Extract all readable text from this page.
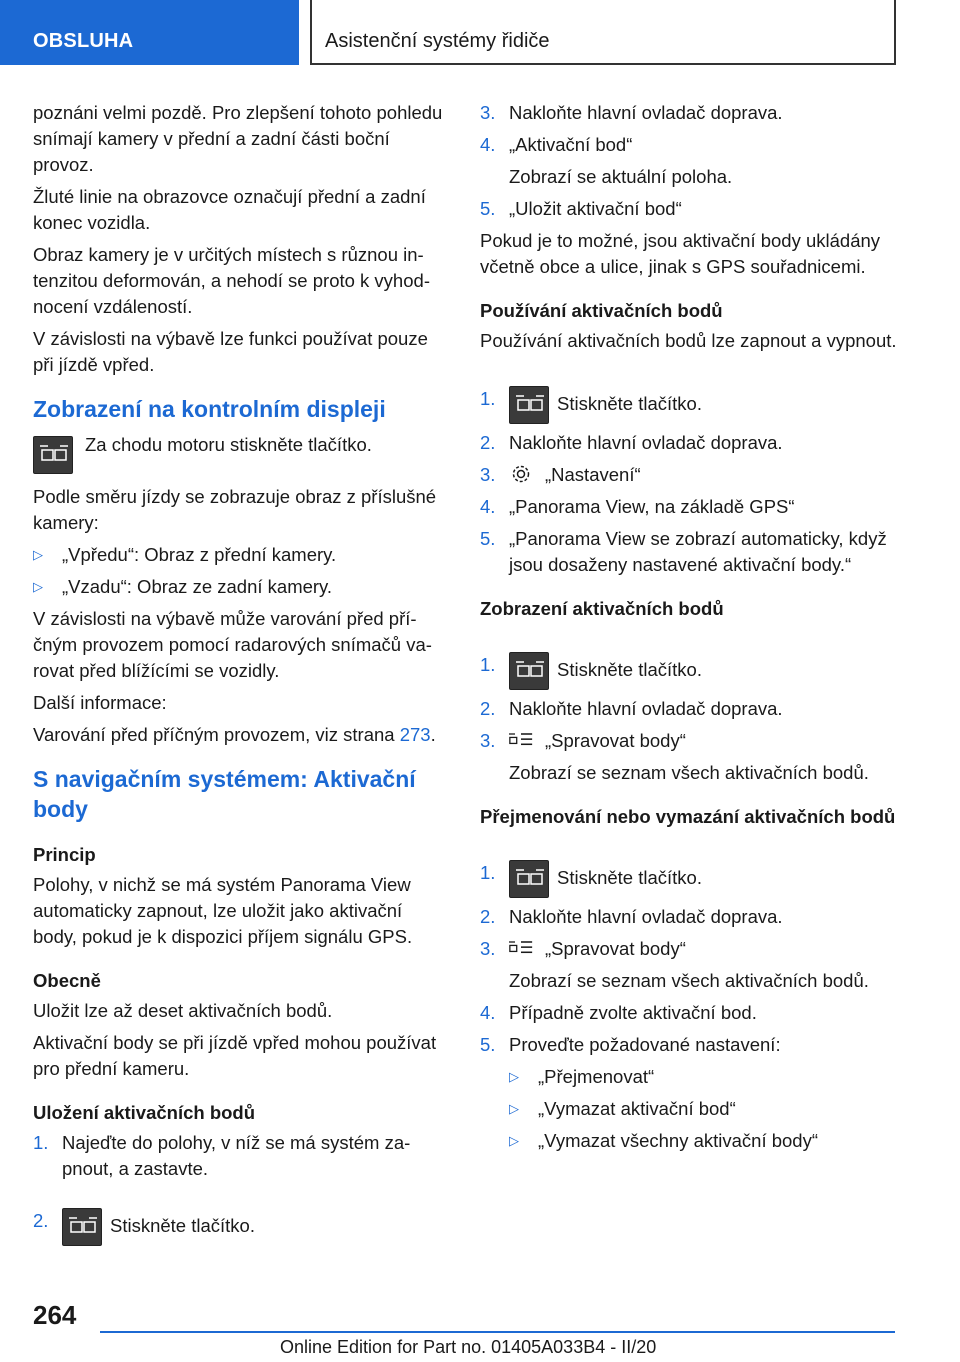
OBSLUHA	Asistenční systémy řidiče

poznáni velmi pozdě. Pro zlepšení tohoto pohledu snímají kamery v přední a zadní části boční provoz.

Žluté linie na obrazovce označují přední a zadní konec vozidla.

Obraz kamery je v určitých místech s různou intenzitou deformován, a nehodí se proto k vyhodnocení vzdáleností.

V závislosti na výbavě lze funkci používat pouze při jízdě vpřed.

Zobrazení na kontrolním displeji
Za chodu motoru stiskněte tlačítko.

Podle směru jízdy se zobrazuje obraz z příslušné kamery:

▷	„Vpředu“: Obraz z přední kamery.
▷	„Vzadu“: Obraz ze zadní kamery.

V závislosti na výbavě může varování před příčným provozem pomocí radarových snímačů varovat před blížícími se vozidly.

Další informace:

Varování před příčným provozem, viz strana 273.

S navigačním systémem: Aktivační body
Princip

Polohy, v nichž se má systém Panorama View automaticky zapnout, lze uložit jako aktivační body, pokud je k dispozici příjem signálu GPS.

Obecně

Uložit lze až deset aktivačních bodů.

Aktivační body se při jízdě vpřed mohou používat pro přední kameru.

Uložení aktivačních bodů
1. Najeďte do polohy, v níž se má systém zapnout, a zastavte.
2.	Stiskněte tlačítko.
3. Nakloňte hlavní ovladač doprava.
4. „Aktivační bod“
Zobrazí se aktuální poloha.
5. „Uložit aktivační bod“

Pokud je to možné, jsou aktivační body ukládány včetně obce a ulice, jinak s GPS souřadnicemi.

Používání aktivačních bodů

Používání aktivačních bodů lze zapnout a vypnout.

1.	Stiskněte tlačítko.
2. Nakloňte hlavní ovladač doprava.
3.	„Nastavení“
4. „Panorama View, na základě GPS“
5. „Panorama View se zobrazí automaticky, když jsou dosaženy nastavené aktivační body.“
Zobrazení aktivačních bodů
1.	Stiskněte tlačítko.
2. Nakloňte hlavní ovladač doprava.
3.	„Spravovat body“
Zobrazí se seznam všech aktivačních bodů.
Přejmenování nebo vymazání aktivačních bodů
1.	Stiskněte tlačítko.
2. Nakloňte hlavní ovladač doprava.
3.	„Spravovat body“
Zobrazí se seznam všech aktivačních bodů.
4. Případně zvolte aktivační bod.
5. Proveďte požadované nastavení:
▷	„Přejmenovat“
▷	„Vymazat aktivační bod“
▷	„Vymazat všechny aktivační body“
264
Online Edition for Part no. 01405A033B4 - II/20
